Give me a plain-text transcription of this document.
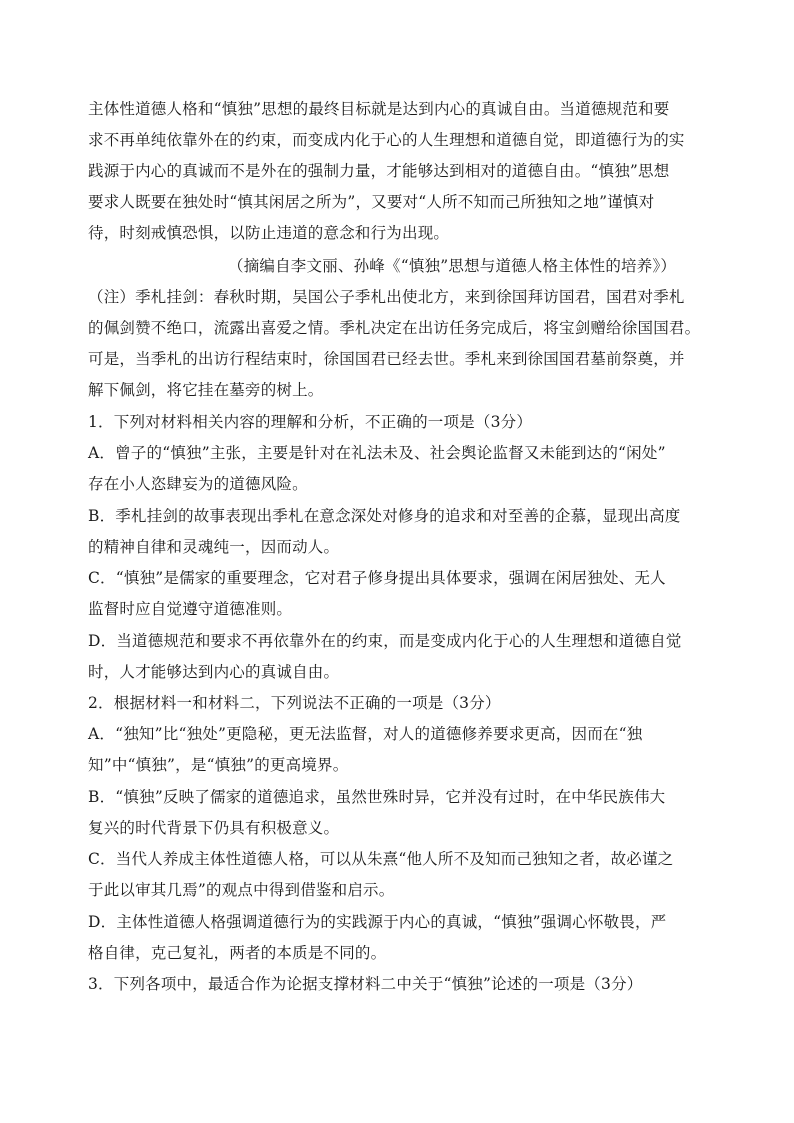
主体性道德人格和“慎独”思想的最终目标就是达到内心的真诚自由。当道德规范和要
求不再单纯依靠外在的约束，而变成内化于心的人生理想和道德自觉，即道德行为的实
践源于内心的真诚而不是外在的强制力量，才能够达到相对的道德自由。“慎独”思想
要求人既要在独处时“慎其闲居之所为”，又要对“人所不知而己所独知之地”谨慎对
待，时刻戒慎恐惧，以防止违道的意念和行为出现。
（摘编自李文丽、孙峰《“慎独”思想与道德人格主体性的培养》）
（注）季札挂剑：春秋时期，吴国公子季札出使北方，来到徐国拜访国君，国君对季札
的佩剑赞不绝口，流露出喜爱之情。季札决定在出访任务完成后，将宝剑赠给徐国国君。
可是，当季札的出访行程结束时，徐国国君已经去世。季札来到徐国国君墓前祭奠，并
解下佩剑，将它挂在墓旁的树上。
1．下列对材料相关内容的理解和分析，不正确的一项是（3分）
A．曾子的“慎独”主张，主要是针对在礼法未及、社会舆论监督又未能到达的“闲处”
存在小人恣肆妄为的道德风险。
B．季札挂剑的故事表现出季札在意念深处对修身的追求和对至善的企慕，显现出高度
的精神自律和灵魂纯一，因而动人。
C．“慎独”是儒家的重要理念，它对君子修身提出具体要求，强调在闲居独处、无人
监督时应自觉遵守道德准则。
D．当道德规范和要求不再依靠外在的约束，而是变成内化于心的人生理想和道德自觉
时，人才能够达到内心的真诚自由。
2．根据材料一和材料二，下列说法不正确的一项是（3分）
A．“独知”比“独处”更隐秘，更无法监督，对人的道德修养要求更高，因而在“独
知”中“慎独”，是“慎独”的更高境界。
B．“慎独”反映了儒家的道德追求，虽然世殊时异，它并没有过时，在中华民族伟大
复兴的时代背景下仍具有积极意义。
C．当代人养成主体性道德人格，可以从朱熹“他人所不及知而己独知之者，故必谨之
于此以审其几焉”的观点中得到借鉴和启示。
D．主体性道德人格强调道德行为的实践源于内心的真诚，“慎独”强调心怀敬畏，严
格自律，克己复礼，两者的本质是不同的。
3．下列各项中，最适合作为论据支撑材料二中关于“慎独”论述的一项是（3分）
